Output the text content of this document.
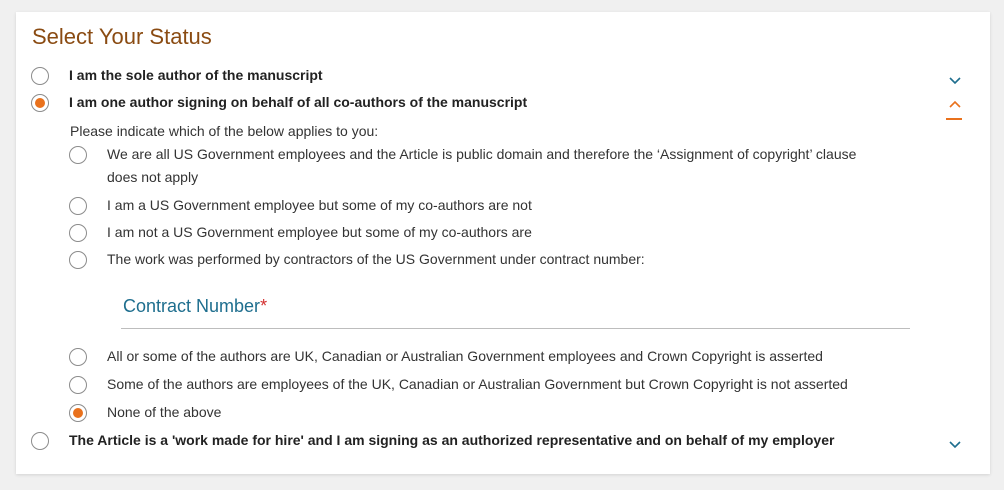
Select Your Status
I am the sole author of the manuscript
I am one author signing on behalf of all co-authors of the manuscript
Please indicate which of the below applies to you:
We are all US Government employees and the Article is public domain and therefore the ‘Assignment of copyright’ clause
does not apply
I am a US Government employee but some of my co-authors are not
I am not a US Government employee but some of my co-authors are
The work was performed by contractors of the US Government under contract number:
Contract Number*
All or some of the authors are UK, Canadian or Australian Government employees and Crown Copyright is asserted
Some of the authors are employees of the UK, Canadian or Australian Government but Crown Copyright is not asserted
None of the above
The Article is a 'work made for hire' and I am signing as an authorized representative and on behalf of my employer
